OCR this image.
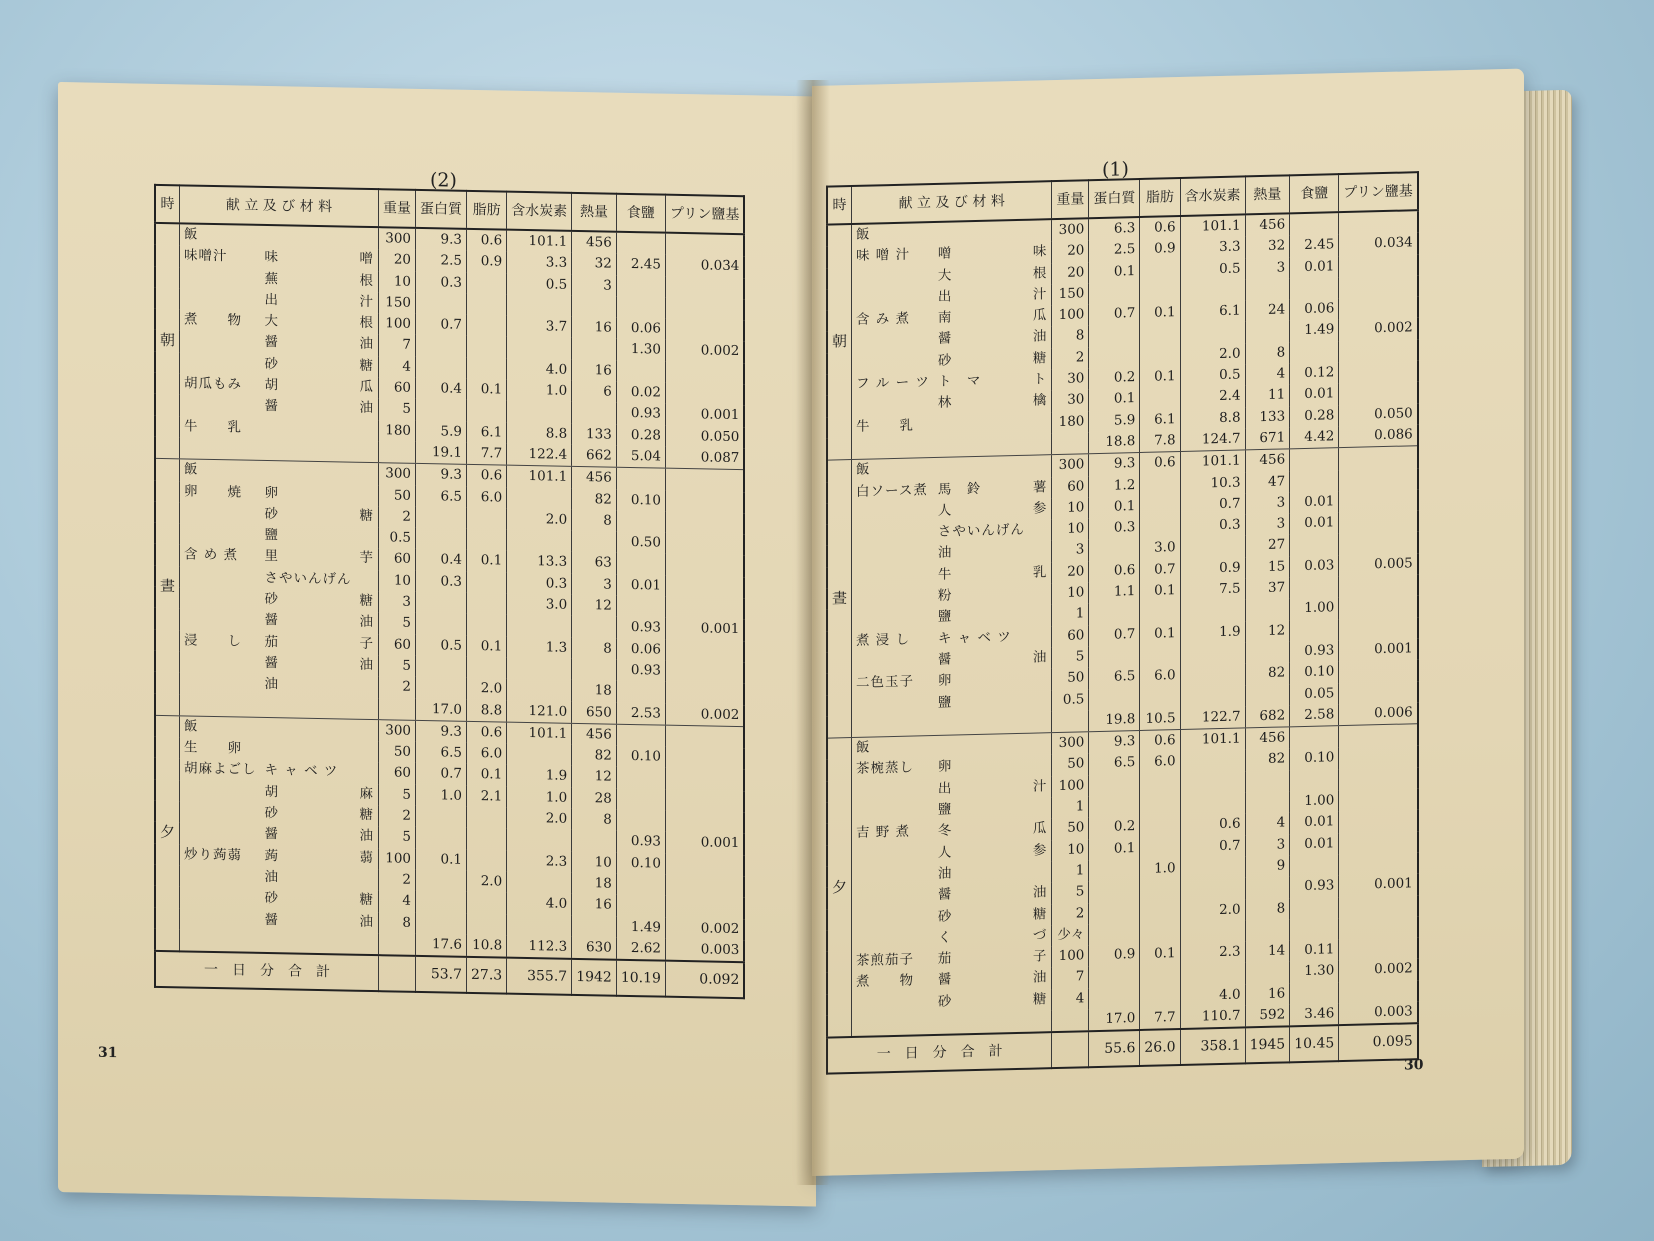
(2)
時	献 立 及 び 材 料			重量	蛋白質	脂肪	含水炭素	熱量	食鹽	プリン鹽基
朝	飯			300	9.3	0.6	101.1	456		
	味噌汁	味	噌	20	2.5	0.9	3.3	32	2.45	0.034
		蕪	根	10	0.3		0.5	3		
		出	汁	150						
	煮　　物	大	根	100	0.7		3.7	16	0.06	
		醤	油	7					1.30	0.002
		砂	糖	4			4.0	16		
	胡瓜もみ	胡	瓜	60	0.4	0.1	1.0	6	0.02	
		醤	油	5					0.93	0.001
	牛　　乳			180	5.9	6.1	8.8	133	0.28	0.050
					19.1	7.7	122.4	662	5.04	0.087
晝	飯			300	9.3	0.6	101.1	456		
	卵　　焼	卵		50	6.5	6.0		82	0.10	
		砂	糖	2			2.0	8		
		鹽		0.5					0.50	
	含 め 煮	里	芋	60	0.4	0.1	13.3	63		
		さやいんげん		10	0.3		0.3	3	0.01	
		砂	糖	3			3.0	12		
		醤	油	5					0.93	0.001
	浸　　し	茄	子	60	0.5	0.1	1.3	8	0.06	
		醤	油	5					0.93	
		油		2		2.0		18		
					17.0	8.8	121.0	650	2.53	0.002
夕	飯			300	9.3	0.6	101.1	456		
	生　　卵			50	6.5	6.0		82	0.10	
	胡麻よごし	キ ャ ベ ツ		60	0.7	0.1	1.9	12		
		胡	麻	5	1.0	2.1	1.0	28		
		砂	糖	2			2.0	8		
		醤	油	5					0.93	0.001
	炒り蒟蒻	蒟	蒻	100	0.1		2.3	10	0.10	
		油		2		2.0		18		
		砂	糖	4			4.0	16		
		醤	油	8					1.49	0.002
					17.6	10.8	112.3	630	2.62	0.003
一　日　分　合　計					53.7	27.3	355.7	1942	10.19	0.092
31
(1)
時	献 立 及 び 材 料			重量	蛋白質	脂肪	含水炭素	熱量	食鹽	プリン鹽基
朝	飯			300	6.3	0.6	101.1	456		
	味 噌 汁	噌	味	20	2.5	0.9	3.3	32	2.45	0.034
		大	根	20	0.1		0.5	3	0.01	
		出	汁	150						
	含 み 煮	南	瓜	100	0.7	0.1	6.1	24	0.06	
		醤	油	8					1.49	0.002
		砂	糖	2			2.0	8		
	フ ル ー ツ	ト　マ	ト	30	0.2	0.1	0.5	4	0.12	
		林	檎	30	0.1		2.4	11	0.01	
	牛　　乳			180	5.9	6.1	8.8	133	0.28	0.050
					18.8	7.8	124.7	671	4.42	0.086
晝	飯			300	9.3	0.6	101.1	456		
	白ソース煮	馬　鈴	薯	60	1.2		10.3	47		
		人	参	10	0.1		0.7	3	0.01	
		さやいんげん		10	0.3		0.3	3	0.01	
		油		3		3.0		27		
		牛	乳	20	0.6	0.7	0.9	15	0.03	0.005
		粉		10	1.1	0.1	7.5	37		
		鹽		1					1.00	
	煮 浸 し	キ ャ ベ ツ		60	0.7	0.1	1.9	12		
		醤	油	5					0.93	0.001
	二色玉子	卵		50	6.5	6.0		82	0.10	
		鹽		0.5					0.05	
					19.8	10.5	122.7	682	2.58	0.006
夕	飯			300	9.3	0.6	101.1	456		
	茶椀蒸し	卵		50	6.5	6.0		82	0.10	
		出	汁	100						
		鹽		1					1.00	
	吉 野 煮	冬	瓜	50	0.2		0.6	4	0.01	
		人	参	10	0.1		0.7	3	0.01	
		油		1		1.0		9		
		醤	油	5					0.93	0.001
		砂	糖	2			2.0	8		
		く	づ	少々						
	茶煎茄子	茄	子	100	0.9	0.1	2.3	14	0.11	
	煮　　物	醤	油	7					1.30	0.002
		砂	糖	4			4.0	16		
					17.0	7.7	110.7	592	3.46	0.003
一　日　分　合　計					55.6	26.0	358.1	1945	10.45	0.095
30
